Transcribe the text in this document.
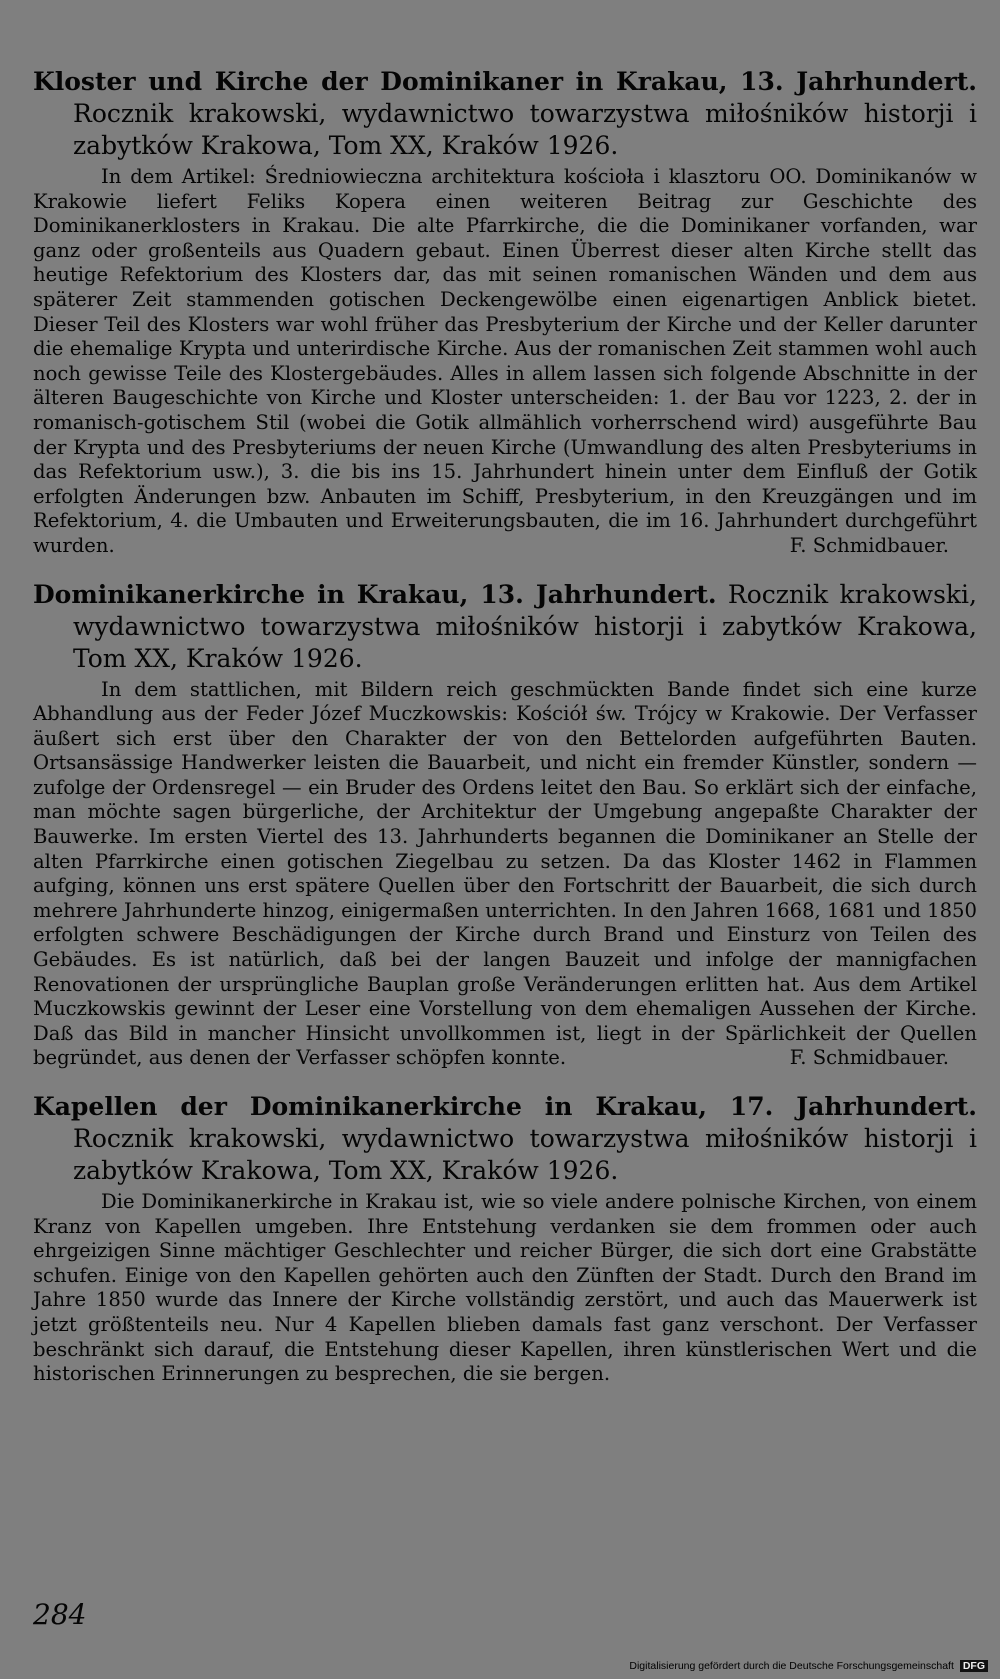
Kloster und Kirche der Dominikaner in Krakau, 13. Jahrhundert. Rocznik krakowski, wydawnictwo towarzystwa miłośników historji i zabytków Krakowa, Tom XX, Kraków 1926.
In dem Artikel: Średniowieczna architektura kościoła i klasztoru OO. Dominikanów w Krakowie liefert Feliks Kopera einen weiteren Beitrag zur Geschichte des Dominikanerklosters in Krakau. Die alte Pfarrkirche, die die Dominikaner vorfanden, war ganz oder großenteils aus Quadern gebaut. Einen Überrest dieser alten Kirche stellt das heutige Refektorium des Klosters dar, das mit seinen romanischen Wänden und dem aus späterer Zeit stammenden gotischen Deckengewölbe einen eigenartigen Anblick bietet. Dieser Teil des Klosters war wohl früher das Presbyterium der Kirche und der Keller darunter die ehemalige Krypta und unterirdische Kirche. Aus der romanischen Zeit stammen wohl auch noch gewisse Teile des Klostergebäudes. Alles in allem lassen sich folgende Abschnitte in der älteren Baugeschichte von Kirche und Kloster unterscheiden: 1. der Bau vor 1223, 2. der in romanisch-gotischem Stil (wobei die Gotik allmählich vorherrschend wird) ausgeführte Bau der Krypta und des Presbyteriums der neuen Kirche (Umwandlung des alten Presbyteriums in das Refektorium usw.), 3. die bis ins 15. Jahrhundert hinein unter dem Einfluß der Gotik erfolgten Änderungen bzw. Anbauten im Schiff, Presbyterium, in den Kreuzgängen und im Refektorium, 4. die Umbauten und Erweiterungsbauten, die im 16. Jahrhundert durchgeführt wurden.	F. Schmidbauer.
Dominikanerkirche in Krakau, 13. Jahrhundert. Rocznik krakowski, wydawnictwo towarzystwa miłośników historji i zabytków Krakowa, Tom XX, Kraków 1926.
In dem stattlichen, mit Bildern reich geschmückten Bande findet sich eine kurze Abhandlung aus der Feder Józef Muczkowskis: Kościół św. Trójcy w Krakowie. Der Verfasser äußert sich erst über den Charakter der von den Bettelorden aufgeführten Bauten. Ortsansässige Handwerker leisten die Bauarbeit, und nicht ein fremder Künstler, sondern — zufolge der Ordensregel — ein Bruder des Ordens leitet den Bau. So erklärt sich der einfache, man möchte sagen bürgerliche, der Architektur der Umgebung angepaßte Charakter der Bauwerke. Im ersten Viertel des 13. Jahrhunderts begannen die Dominikaner an Stelle der alten Pfarrkirche einen gotischen Ziegelbau zu setzen. Da das Kloster 1462 in Flammen aufging, können uns erst spätere Quellen über den Fortschritt der Bauarbeit, die sich durch mehrere Jahrhunderte hinzog, einigermaßen unterrichten. In den Jahren 1668, 1681 und 1850 erfolgten schwere Beschädigungen der Kirche durch Brand und Einsturz von Teilen des Gebäudes. Es ist natürlich, daß bei der langen Bauzeit und infolge der mannigfachen Renovationen der ursprüngliche Bauplan große Veränderungen erlitten hat. Aus dem Artikel Muczkowskis gewinnt der Leser eine Vorstellung von dem ehemaligen Aussehen der Kirche. Daß das Bild in mancher Hinsicht unvollkommen ist, liegt in der Spärlichkeit der Quellen begründet, aus denen der Verfasser schöpfen konnte.	F. Schmidbauer.
Kapellen der Dominikanerkirche in Krakau, 17. Jahrhundert. Rocznik krakowski, wydawnictwo towarzystwa miłośników historji i zabytków Krakowa, Tom XX, Kraków 1926.
Die Dominikanerkirche in Krakau ist, wie so viele andere polnische Kirchen, von einem Kranz von Kapellen umgeben. Ihre Entstehung verdanken sie dem frommen oder auch ehrgeizigen Sinne mächtiger Geschlechter und reicher Bürger, die sich dort eine Grabstätte schufen. Einige von den Kapellen gehörten auch den Zünften der Stadt. Durch den Brand im Jahre 1850 wurde das Innere der Kirche vollständig zerstört, und auch das Mauerwerk ist jetzt größtenteils neu. Nur 4 Kapellen blieben damals fast ganz verschont. Der Verfasser beschränkt sich darauf, die Entstehung dieser Kapellen, ihren künstlerischen Wert und die historischen Erinnerungen zu besprechen, die sie bergen.
284
Digitalisierung gefördert durch die Deutsche Forschungsgemeinschaft DFG
